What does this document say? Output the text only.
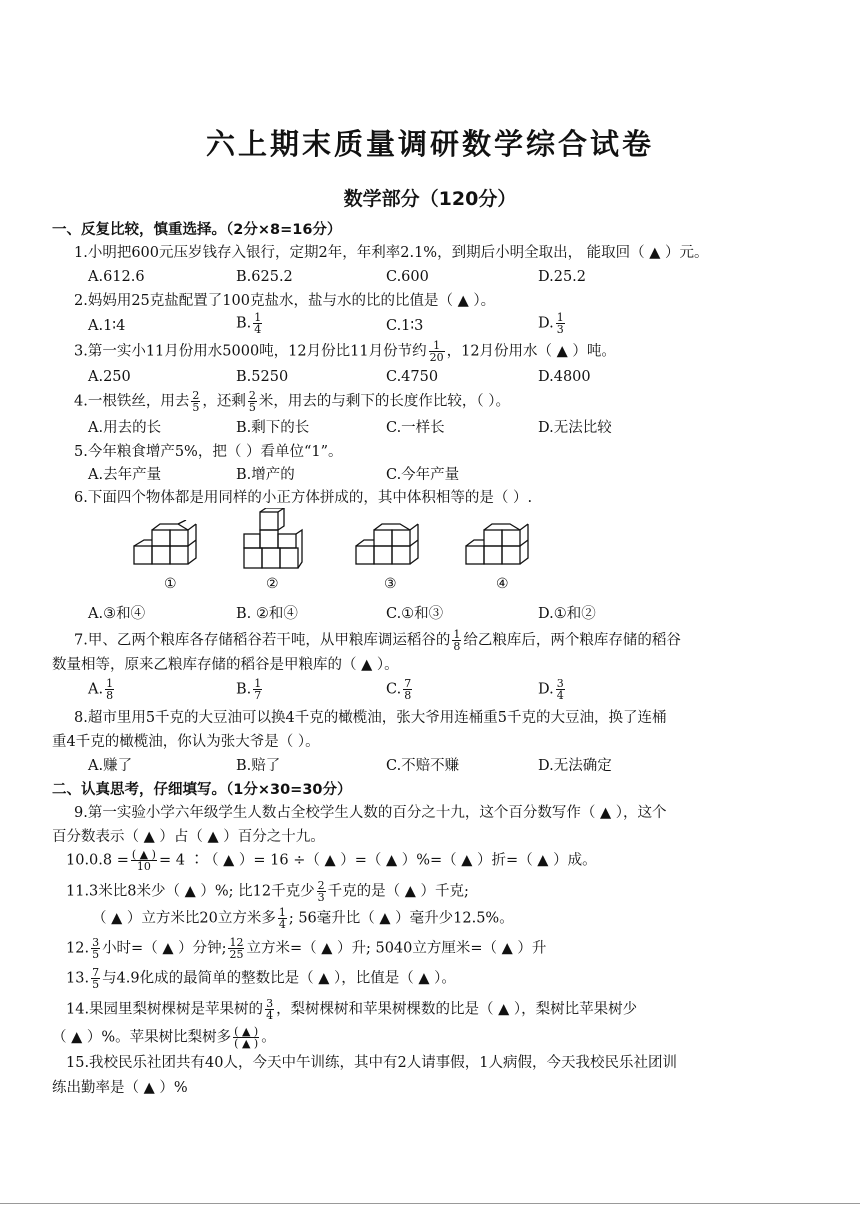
六上期末质量调研数学综合试卷
数学部分（120分）
一、反复比较，慎重选择。（2分×8=16分）
1.小明把600元压岁钱存入银行，定期2年，年利率2.1%，到期后小明全取出， 能取回（ ▲ ）元。
A.612.6	B.625.2	C.600	D.25.2
2.妈妈用25克盐配置了100克盐水，盐与水的比的比值是（ ▲ ）。
A.1∶4	B. $\frac{1}{4}$	C.1∶3	D. $\frac{1}{3}$
3.第一实小11月份用水5000吨，12月份比11月份节约 $\frac{1}{20}$ ，12月份用水（ ▲ ）吨。
A.250	B.5250	C.4750	D.4800
4.一根铁丝，用去 $\frac{2}{5}$ ，还剩 $\frac{2}{5}$ 米，用去的与剩下的长度作比较，（ ）。
A.用去的长	B.剩下的长	C.一样长	D.无法比较
5.今年粮食增产5%，把（ ）看单位“1”。
A.去年产量	B.增产的	C.今年产量
6.下面四个物体都是用同样的小正方体拼成的，其中体积相等的是（ ）.
①	②	③	④
A.③和④	B. ②和④	C.①和③	D.①和②
7.甲、乙两个粮库各存储稻谷若干吨，从甲粮库调运稻谷的 $\frac{1}{8}$ 给乙粮库后，两个粮库存储的稻谷
数量相等，原来乙粮库存储的稻谷是甲粮库的（ ▲ ）。
A. $\frac{1}{8}$	B. $\frac{1}{7}$	C. $\frac{7}{8}$	D. $\frac{3}{4}$
8.超市里用5千克的大豆油可以换4千克的橄榄油，张大爷用连桶重5千克的大豆油，换了连桶
重4千克的橄榄油，你认为张大爷是（ ）。
A.赚了	B.赔了	C.不赔不赚	D.无法确定
二、认真思考，仔细填写。（1分×30=30分）
9.第一实验小学六年级学生人数占全校学生人数的百分之十九，这个百分数写作（ ▲ ），这个
百分数表示（ ▲ ）占（ ▲ ）百分之十九。
$10.0.8 = \frac{( ▲ )}{10} = 4$ ∶（ ▲ ）= 16 ÷（ ▲ ）=（ ▲ ）%=（ ▲ ）折=（ ▲ ）成。
11.3米比8米少（ ▲ ）%; 比12千克少 $\frac{2}{3}$ 千克的是（ ▲ ）千克;
（ ▲ ）立方米比20立方米多 $\frac{1}{4}$ ; 56毫升比（ ▲ ）毫升少12.5%。
12. $\frac{3}{5}$ 小时=（ ▲ ）分钟; $\frac{12}{25}$ 立方米=（ ▲ ）升; 5040立方厘米=（ ▲ ）升
13. $\frac{7}{5}$ 与4.9化成的最简单的整数比是（ ▲ ），比值是（ ▲ ）。
14.果园里梨树棵树是苹果树的 $\frac{3}{4}$ ，梨树棵树和苹果树棵数的比是（ ▲ ），梨树比苹果树少
（ ▲ ）%。苹果树比梨树多 $\frac{( ▲ )}{( ▲ )}$ 。
15.我校民乐社团共有40人，今天中午训练，其中有2人请事假，1人病假，今天我校民乐社团训
练出勤率是（ ▲ ）%
